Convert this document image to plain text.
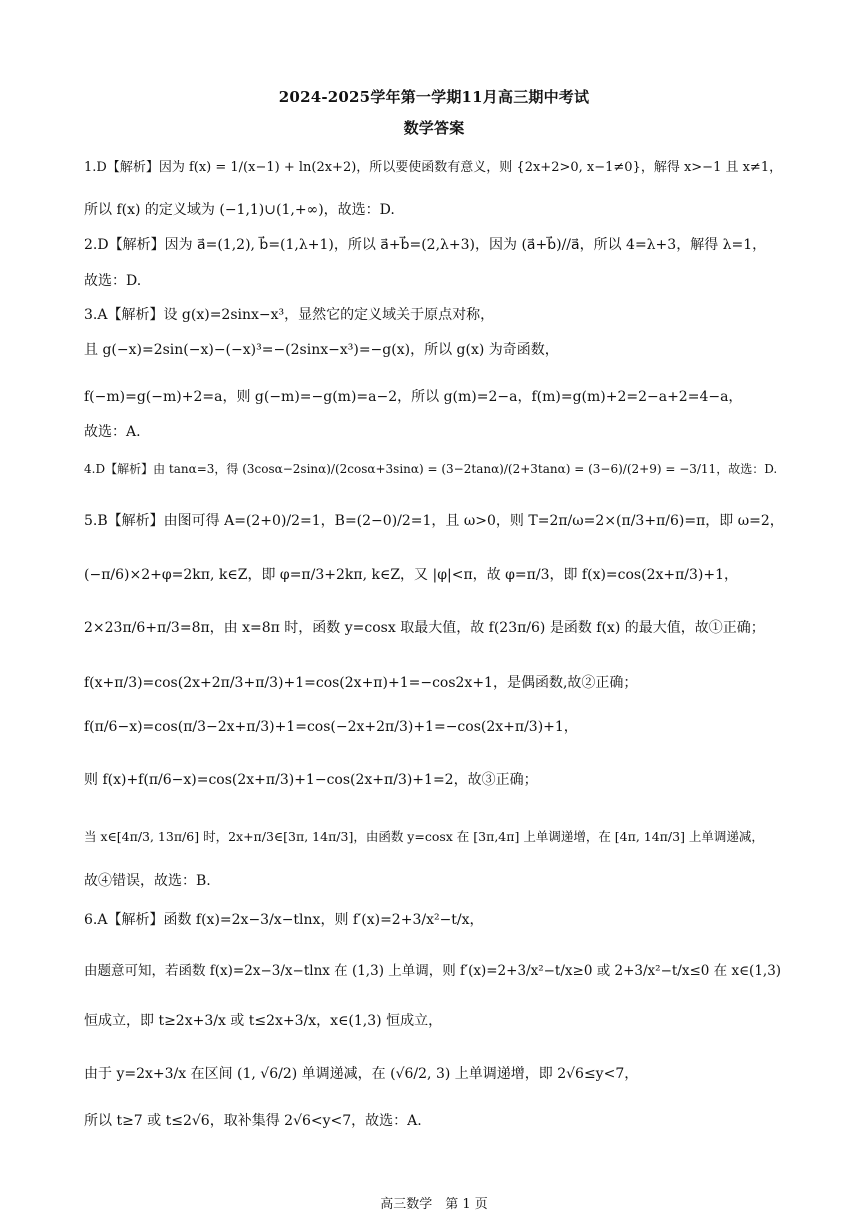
2024-2025学年第一学期11月高三期中考试
数学答案
1.D【解析】因为 f(x) = 1/(x−1) + ln(2x+2)，所以要使函数有意义，则 {2x+2>0, x−1≠0}，解得 x>−1 且 x≠1，
所以 f(x) 的定义域为 (−1,1)∪(1,+∞)，故选：D.
2.D【解析】因为 a⃗=(1,2), b⃗=(1,λ+1)，所以 a⃗+b⃗=(2,λ+3)，因为 (a⃗+b⃗)//a⃗，所以 4=λ+3，解得 λ=1，
故选：D.
3.A【解析】设 g(x)=2sinx−x³，显然它的定义域关于原点对称，
且 g(−x)=2sin(−x)−(−x)³=−(2sinx−x³)=−g(x)，所以 g(x) 为奇函数，
f(−m)=g(−m)+2=a，则 g(−m)=−g(m)=a−2，所以 g(m)=2−a，f(m)=g(m)+2=2−a+2=4−a，
故选：A.
4.D【解析】由 tanα=3，得 (3cosα−2sinα)/(2cosα+3sinα) = (3−2tanα)/(2+3tanα) = (3−6)/(2+9) = −3/11，故选：D.
5.B【解析】由图可得 A=(2+0)/2=1，B=(2−0)/2=1，且 ω>0，则 T=2π/ω=2×(π/3+π/6)=π，即 ω=2，
(−π/6)×2+φ=2kπ, k∈Z，即 φ=π/3+2kπ, k∈Z，又 |φ|<π，故 φ=π/3，即 f(x)=cos(2x+π/3)+1，
2×23π/6+π/3=8π，由 x=8π 时，函数 y=cosx 取最大值，故 f(23π/6) 是函数 f(x) 的最大值，故①正确；
f(x+π/3)=cos(2x+2π/3+π/3)+1=cos(2x+π)+1=−cos2x+1，是偶函数,故②正确；
f(π/6−x)=cos(π/3−2x+π/3)+1=cos(−2x+2π/3)+1=−cos(2x+π/3)+1，
则 f(x)+f(π/6−x)=cos(2x+π/3)+1−cos(2x+π/3)+1=2，故③正确；
当 x∈[4π/3, 13π/6] 时，2x+π/3∈[3π, 14π/3]，由函数 y=cosx 在 [3π,4π] 上单调递增，在 [4π, 14π/3] 上单调递减，
故④错误，故选：B.
6.A【解析】函数 f(x)=2x−3/x−tlnx，则 f′(x)=2+3/x²−t/x，
由题意可知，若函数 f(x)=2x−3/x−tlnx 在 (1,3) 上单调，则 f′(x)=2+3/x²−t/x≥0 或 2+3/x²−t/x≤0 在 x∈(1,3)
恒成立，即 t≥2x+3/x 或 t≤2x+3/x，x∈(1,3) 恒成立，
由于 y=2x+3/x 在区间 (1, √6/2) 单调递减，在 (√6/2, 3) 上单调递增，即 2√6≤y<7，
所以 t≥7 或 t≤2√6，取补集得 2√6<y<7，故选：A.
高三数学　第 1 页
